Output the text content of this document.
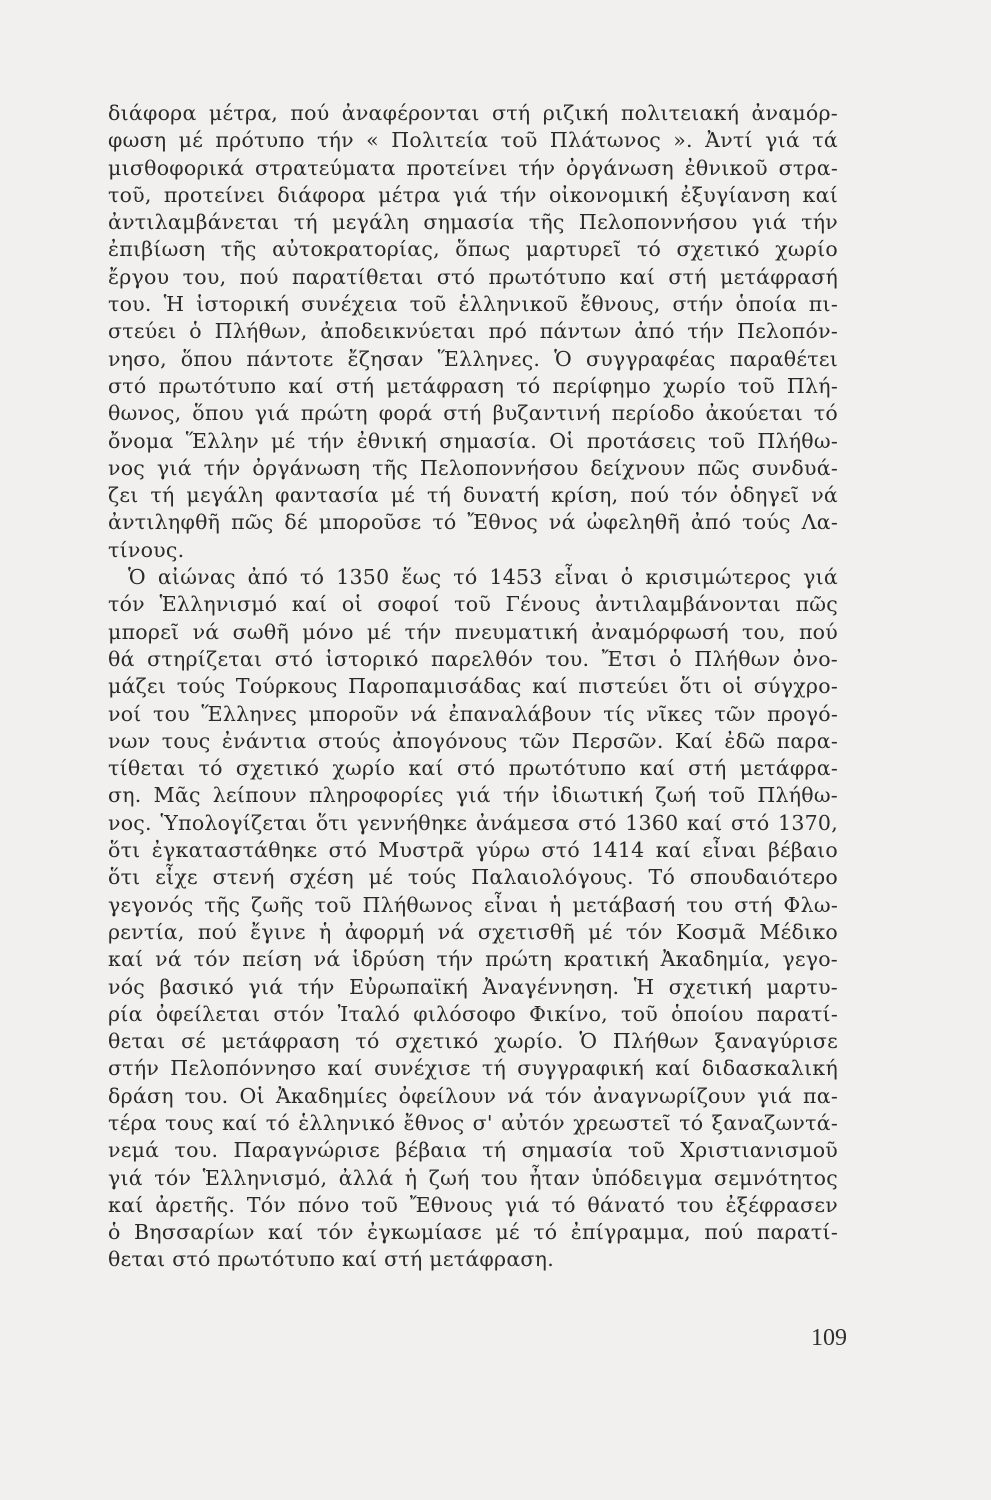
διάφορα μέτρα, πού ἀναφέρονται στή ριζική πολιτειακή ἀναμόρ-
φωση μέ πρότυπο τήν « Πολιτεία τοῦ Πλάτωνος ». Ἀντί γιά τά
μισθοφορικά στρατεύματα προτείνει τήν ὀργάνωση ἐθνικοῦ στρα-
τοῦ, προτείνει διάφορα μέτρα γιά τήν οἰκονομική ἐξυγίανση καί
ἀντιλαμβάνεται τή μεγάλη σημασία τῆς Πελοποννήσου γιά τήν
ἐπιβίωση τῆς αὐτοκρατορίας, ὅπως μαρτυρεῖ τό σχετικό χωρίο
ἔργου του, πού παρατίθεται στό πρωτότυπο καί στή μετάφρασή
του. Ἡ ἱστορική συνέχεια τοῦ ἑλληνικοῦ ἔθνους, στήν ὁποία πι-
στεύει ὁ Πλήθων, ἀποδεικνύεται πρό πάντων ἀπό τήν Πελοπόν-
νησο, ὅπου πάντοτε ἔζησαν Ἕλληνες. Ὁ συγγραφέας παραθέτει
στό πρωτότυπο καί στή μετάφραση τό περίφημο χωρίο τοῦ Πλή-
θωνος, ὅπου γιά πρώτη φορά στή βυζαντινή περίοδο ἀκούεται τό
ὄνομα Ἕλλην μέ τήν ἐθνική σημασία. Οἱ προτάσεις τοῦ Πλήθω-
νος γιά τήν ὀργάνωση τῆς Πελοποννήσου δείχνουν πῶς συνδυά-
ζει τή μεγάλη φαντασία μέ τή δυνατή κρίση, πού τόν ὁδηγεῖ νά
ἀντιληφθῆ πῶς δέ μποροῦσε τό Ἔθνος νά ὠφεληθῆ ἀπό τούς Λα-
τίνους.
Ὁ αἰώνας ἀπό τό 1350 ἕως τό 1453 εἶναι ὁ κρισιμώτερος γιά
τόν Ἑλληνισμό καί οἱ σοφοί τοῦ Γένους ἀντιλαμβάνονται πῶς
μπορεῖ νά σωθῆ μόνο μέ τήν πνευματική ἀναμόρφωσή του, πού
θά στηρίζεται στό ἱστορικό παρελθόν του. Ἔτσι ὁ Πλήθων ὀνο-
μάζει τούς Τούρκους Παροπαμισάδας καί πιστεύει ὅτι οἱ σύγχρο-
νοί του Ἕλληνες μποροῦν νά ἐπαναλάβουν τίς νῖκες τῶν προγό-
νων τους ἐνάντια στούς ἀπογόνους τῶν Περσῶν. Καί ἐδῶ παρα-
τίθεται τό σχετικό χωρίο καί στό πρωτότυπο καί στή μετάφρα-
ση. Μᾶς λείπουν πληροφορίες γιά τήν ἰδιωτική ζωή τοῦ Πλήθω-
νος. Ὑπολογίζεται ὅτι γεννήθηκε ἀνάμεσα στό 1360 καί στό 1370,
ὅτι ἐγκαταστάθηκε στό Μυστρᾶ γύρω στό 1414 καί εἶναι βέβαιο
ὅτι εἶχε στενή σχέση μέ τούς Παλαιολόγους. Τό σπουδαιότερο
γεγονός τῆς ζωῆς τοῦ Πλήθωνος εἶναι ἡ μετάβασή του στή Φλω-
ρεντία, πού ἔγινε ἡ ἀφορμή νά σχετισθῆ μέ τόν Κοσμᾶ Μέδικο
καί νά τόν πείση νά ἱδρύση τήν πρώτη κρατική Ἀκαδημία, γεγο-
νός βασικό γιά τήν Εὐρωπαϊκή Ἀναγέννηση. Ἡ σχετική μαρτυ-
ρία ὀφείλεται στόν Ἰταλό φιλόσοφο Φικίνο, τοῦ ὁποίου παρατί-
θεται σέ μετάφραση τό σχετικό χωρίο. Ὁ Πλήθων ξαναγύρισε
στήν Πελοπόννησο καί συνέχισε τή συγγραφική καί διδασκαλική
δράση του. Οἱ Ἀκαδημίες ὀφείλουν νά τόν ἀναγνωρίζουν γιά πα-
τέρα τους καί τό ἑλληνικό ἔθνος σ' αὐτόν χρεωστεῖ τό ξαναζωντά-
νεμά του. Παραγνώρισε βέβαια τή σημασία τοῦ Χριστιανισμοῦ
γιά τόν Ἑλληνισμό, ἀλλά ἡ ζωή του ἦταν ὑπόδειγμα σεμνότητος
καί ἀρετῆς. Τόν πόνο τοῦ Ἔθνους γιά τό θάνατό του ἐξέφρασεν
ὁ Βησσαρίων καί τόν ἐγκωμίασε μέ τό ἐπίγραμμα, πού παρατί-
θεται στό πρωτότυπο καί στή μετάφραση.
109
